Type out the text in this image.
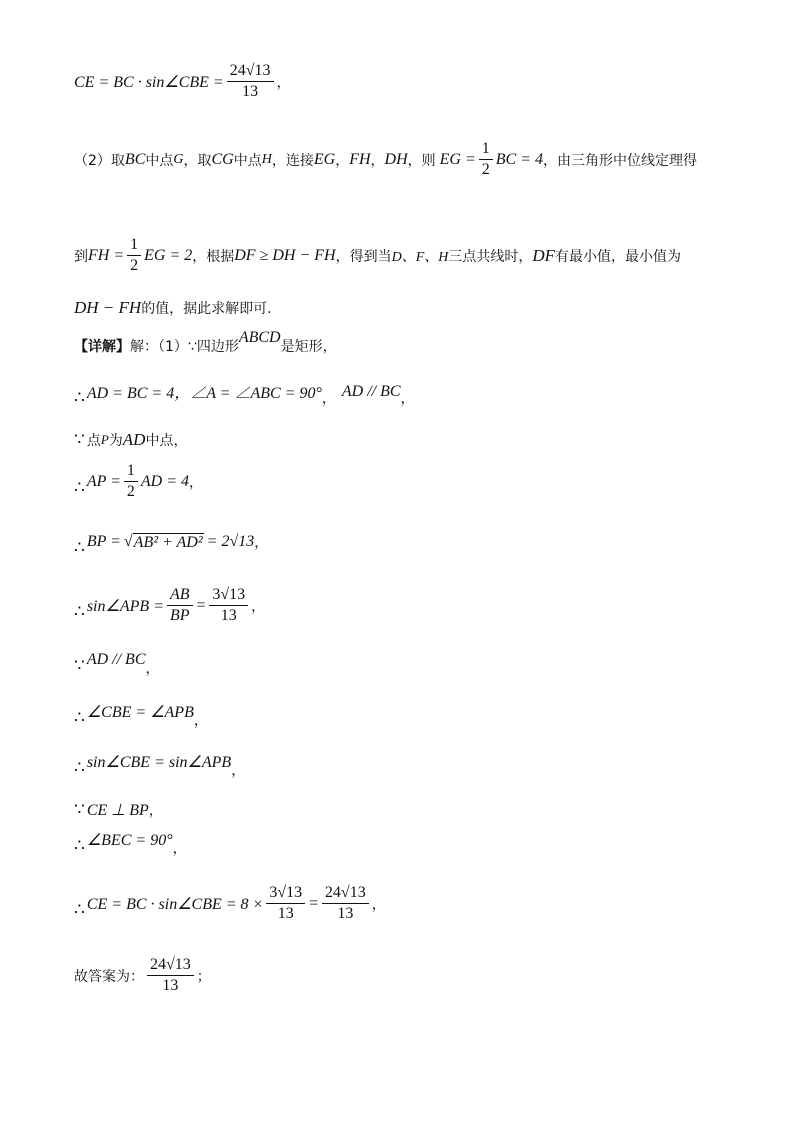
CE = BC · sin∠CBE = $\frac{24√13}{13}$ ，
（2）取 BC 中点 G ，取 CG 中点 H ，连接 EG ， FH ， DH ，则 EG = $\frac{1}{2}$ BC = 4 ，由三角形中位线定理得
到 FH = $\frac{1}{2}$ EG = 2 ，根据 DF ≥ DH − FH ，得到当 D、F、H 三点共线时， DF 有最小值，最小值为
DH − FH 的值，据此求解即可.
【详解】 解：（1）∵四边形
ABCD
是矩形，
∴ AD = BC = 4，∠A = ∠ABC = 90° ， AD // BC ，
∵ 点 P 为 AD 中点，
∴ AP = $\frac{1}{2}$ AD = 4 ，
∴ BP = √ AB² + AD² = 2√13 ，
∴ sin∠APB = $\frac{AB}{BP} = \frac{3√13}{13}$ ，
∵ AD // BC
，
∴ ∠CBE = ∠APB ，
∴ sin∠CBE = sin∠APB ，
∵ CE ⊥ BP ，
∴ ∠BEC = 90° ，
∴ CE = BC · sin∠CBE = $8 \times \frac{3√13}{13} = \frac{24√13}{13}$ ，
故答案为： $\frac{24√13}{13}$ ；
